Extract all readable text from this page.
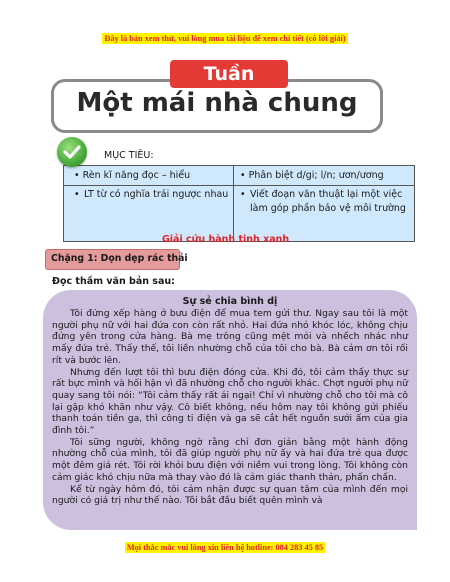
Đây là bản xem thử, vui lòng mua tài liệu để xem chi tiết (có lời giải)
Tuần
Một mái nhà chung
MỤC TIÊU:
• Rèn kĩ năng đọc – hiểu	• Phân biệt d/gi; l/n; ươn/ương
• LT từ có nghĩa trái ngược nhau • Viết đoạn văn thuật lại một việc làm góp phần bảo vệ môi trường
Giải cứu hành tinh xanh
Chặng 1: Dọn dẹp rác thải
Đọc thầm văn bản sau:
Sự sẻ chia bình dị

Tôi đứng xếp hàng ở bưu điện để mua tem gửi thư. Ngay sau tôi là một người phụ nữ với hai đứa con còn rất nhỏ. Hai đứa nhỏ khóc lóc, không chịu đứng yên trong cửa hàng. Bà mẹ trông cũng mệt mỏi và nhếch nhác như mấy đứa trẻ. Thấy thế, tôi liền nhường chỗ của tôi cho bà. Bà cảm ơn tôi rối rít và bước lên.

Nhưng đến lượt tôi thì bưu điện đóng cửa. Khi đó, tôi cảm thấy thực sự rất bực mình và hối hận vì đã nhường chỗ cho người khác. Chợt người phụ nữ quay sang tôi nói: “Tôi cảm thấy rất ái ngại! Chỉ vì nhường chỗ cho tôi mà cô lại gặp khó khăn như vậy. Cô biết không, nếu hôm nay tôi không gửi phiếu thanh toán tiền ga, thì công ti điện và ga sẽ cắt hết nguồn sưởi ấm của gia đình tôi.”

Tôi sững người, không ngờ rằng chỉ đơn giản bằng một hành động nhường chỗ của mình, tôi đã giúp người phụ nữ ấy và hai đứa trẻ qua được một đêm giá rét. Tôi rời khỏi bưu điện với niềm vui trong lòng. Tôi không còn cảm giác khó chịu nữa mà thay vào đó là cảm giác thanh thản, phấn chấn.

Kể từ ngày hôm đó, tôi cảm nhận được sự quan tâm của mình đến mọi người có giá trị như thế nào. Tôi bắt đầu biết quên mình và

Mọi thắc mắc vui lòng xin liên hệ hotline: 084 283 45 85
